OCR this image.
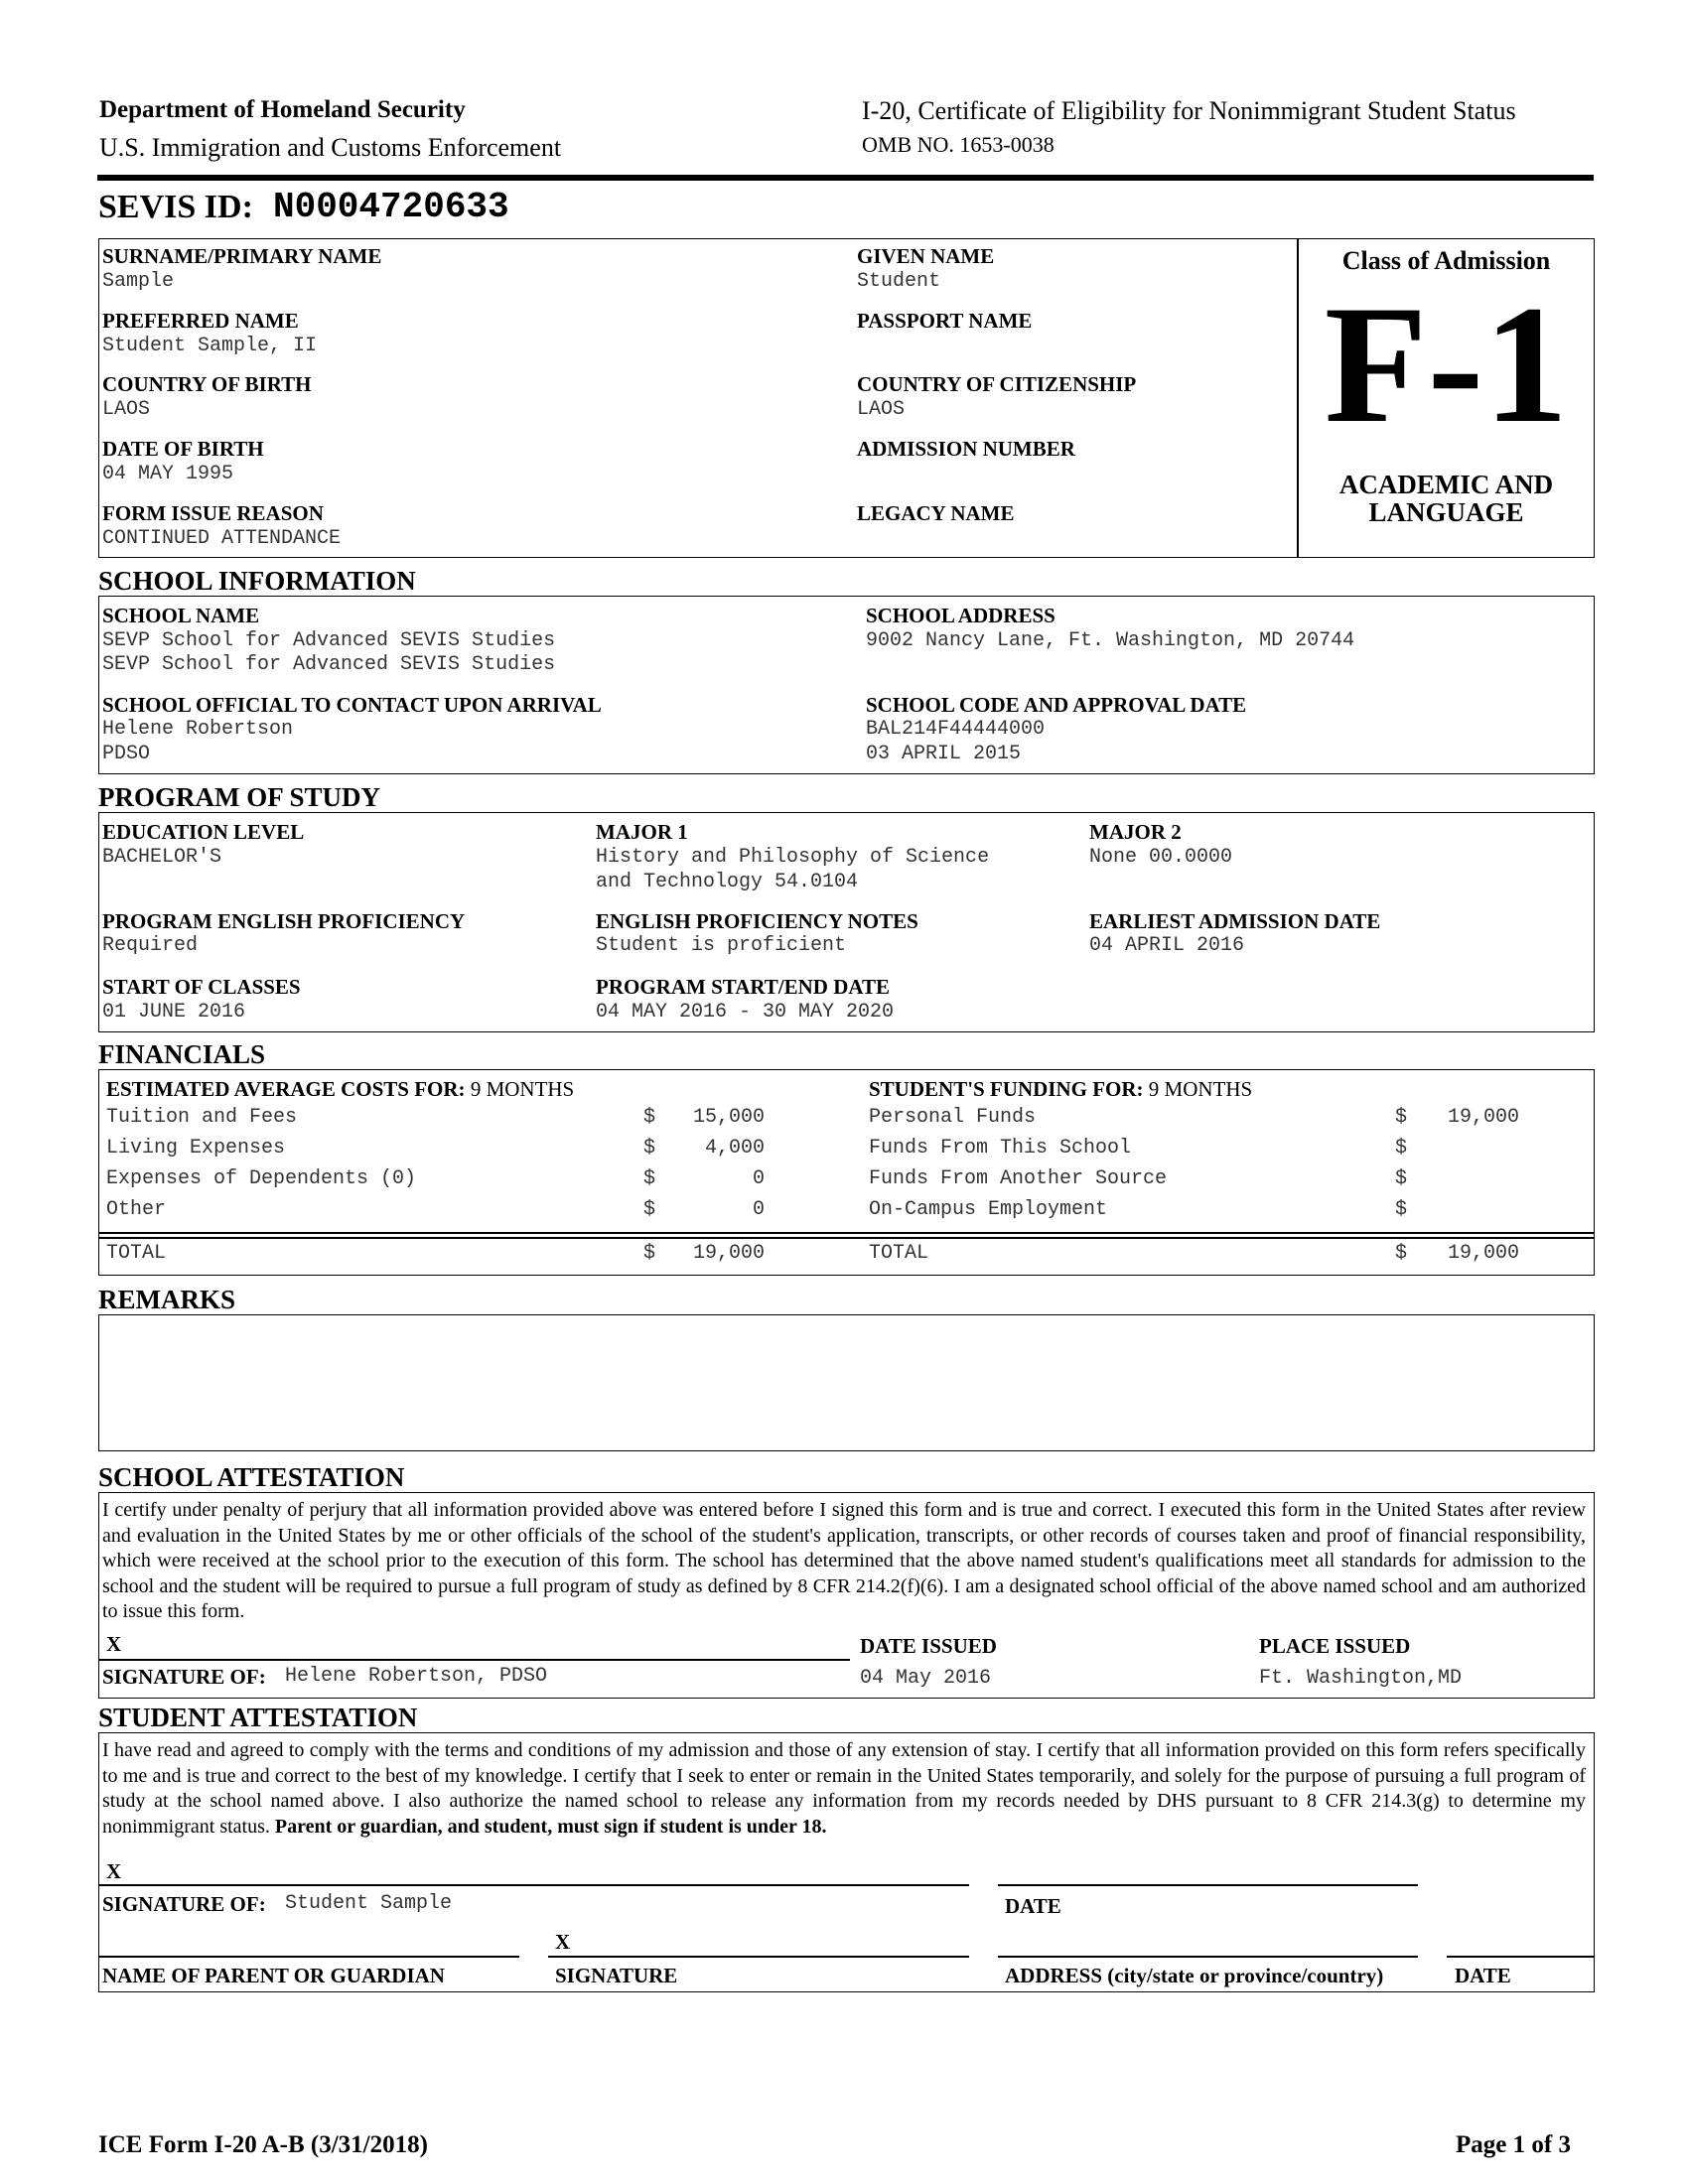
Department of Homeland Security
U.S. Immigration and Customs Enforcement
I-20, Certificate of Eligibility for Nonimmigrant Student Status
OMB NO. 1653-0038
SEVIS ID: N0004720633
SURNAME/PRIMARY NAME
Sample
GIVEN NAME
Student
PREFERRED NAME
Student Sample, II
PASSPORT NAME
COUNTRY OF BIRTH
LAOS
COUNTRY OF CITIZENSHIP
LAOS
DATE OF BIRTH
04 MAY 1995
ADMISSION NUMBER
FORM ISSUE REASON
CONTINUED ATTENDANCE
LEGACY NAME
Class of Admission
F-1
ACADEMIC AND
LANGUAGE
SCHOOL INFORMATION
SCHOOL NAME
SEVP School for Advanced SEVIS Studies
SEVP School for Advanced SEVIS Studies
SCHOOL ADDRESS
9002 Nancy Lane, Ft. Washington, MD 20744
SCHOOL OFFICIAL TO CONTACT UPON ARRIVAL
Helene Robertson
PDSO
SCHOOL CODE AND APPROVAL DATE
BAL214F44444000
03 APRIL 2015
PROGRAM OF STUDY
EDUCATION LEVEL
BACHELOR'S
MAJOR 1
History and Philosophy of Science
and Technology 54.0104
MAJOR 2
None 00.0000
PROGRAM ENGLISH PROFICIENCY
Required
ENGLISH PROFICIENCY NOTES
Student is proficient
EARLIEST ADMISSION DATE
04 APRIL 2016
START OF CLASSES
01 JUNE 2016
PROGRAM START/END DATE
04 MAY 2016 - 30 MAY 2020
FINANCIALS
ESTIMATED AVERAGE COSTS FOR: 9 MONTHS	STUDENT'S FUNDING FOR: 9 MONTHS
Tuition and Fees	$	15,000
Living Expenses	$	4,000
Expenses of Dependents (0)	$	0
Other	$	0
Personal Funds	$	19,000
Funds From This School	$
Funds From Another Source	$
On-Campus Employment	$
TOTAL	$	19,000	TOTAL	$	19,000
REMARKS
SCHOOL ATTESTATION
I certify under penalty of perjury that all information provided above was entered before I signed this form and is true and correct. I executed this form in the United States after review and evaluation in the United States by me or other officials of the school of the student's application, transcripts, or other records of courses taken and proof of financial responsibility, which were received at the school prior to the execution of this form. The school has determined that the above named student's qualifications meet all standards for admission to the school and the student will be required to pursue a full program of study as defined by 8 CFR 214.2(f)(6). I am a designated school official of the above named school and am authorized to issue this form.
X
SIGNATURE OF: Helene Robertson, PDSO
DATE ISSUED
04 May 2016
PLACE ISSUED
Ft. Washington,MD
STUDENT ATTESTATION
I have read and agreed to comply with the terms and conditions of my admission and those of any extension of stay. I certify that all information provided on this form refers specifically to me and is true and correct to the best of my knowledge. I certify that I seek to enter or remain in the United States temporarily, and solely for the purpose of pursuing a full program of study at the school named above. I also authorize the named school to release any information from my records needed by DHS pursuant to 8 CFR 214.3(g) to determine my nonimmigrant status. Parent or guardian, and student, must sign if student is under 18.
X
SIGNATURE OF: Student Sample	DATE
X
NAME OF PARENT OR GUARDIAN	SIGNATURE	ADDRESS (city/state or province/country)	DATE
ICE Form I-20 A-B (3/31/2018)	Page 1 of 3
